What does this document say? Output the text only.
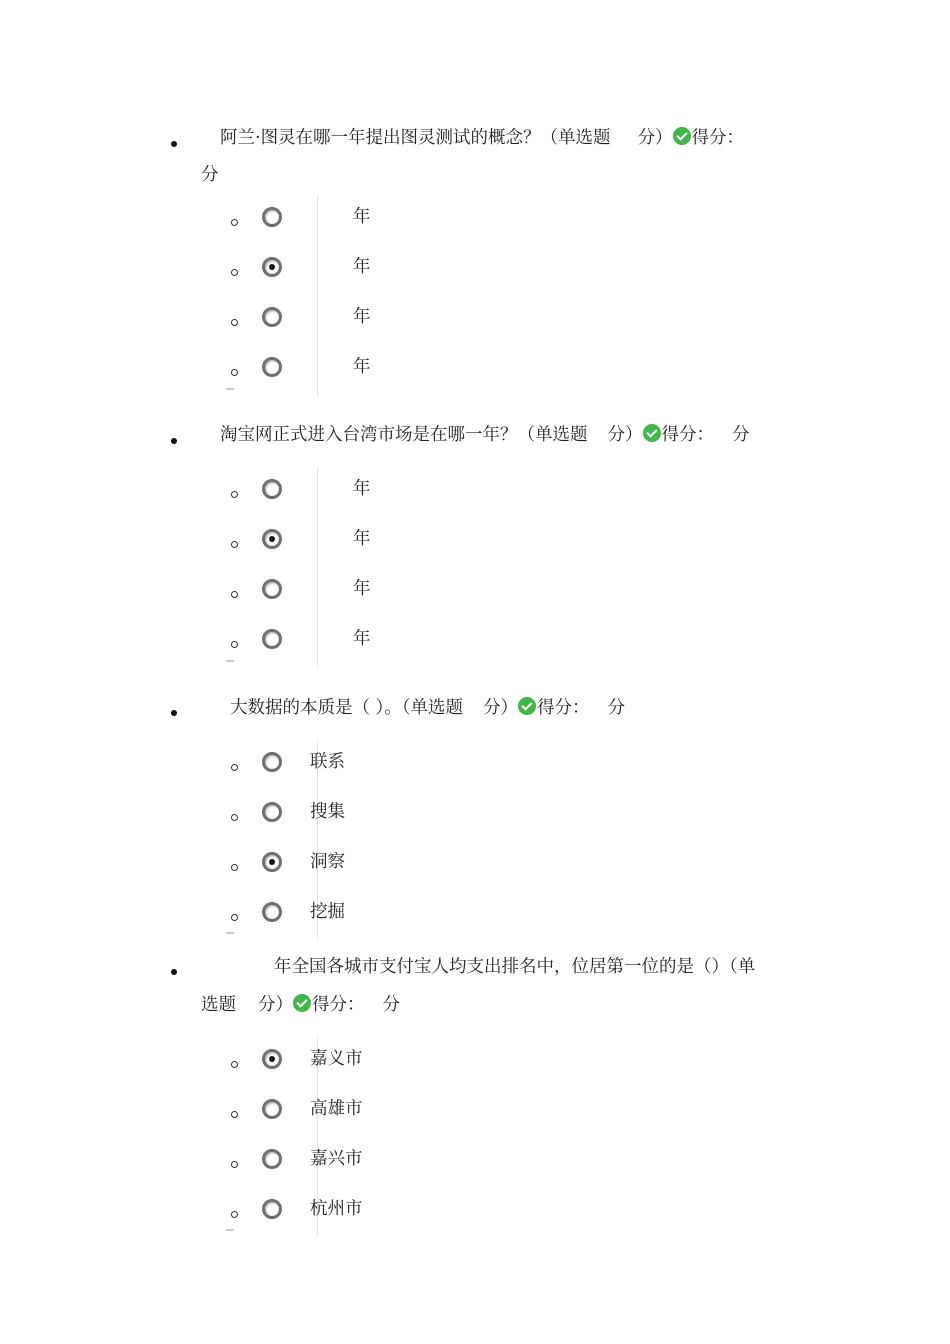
阿兰·图灵在哪一年提出图灵测试的概念？（单选题 分） 得分：
分
年
年
年
年
淘宝网正式进入台湾市场是在哪一年？（单选题 分） 得分： 分
年
年
年
年
大数据的本质是（ ）。（单选题 分） 得分： 分
联系
搜集
洞察
挖掘
年全国各城市支付宝人均支出排名中，位居第一位的是（）（单
选题 分） 得分： 分
嘉义市
高雄市
嘉兴市
杭州市
